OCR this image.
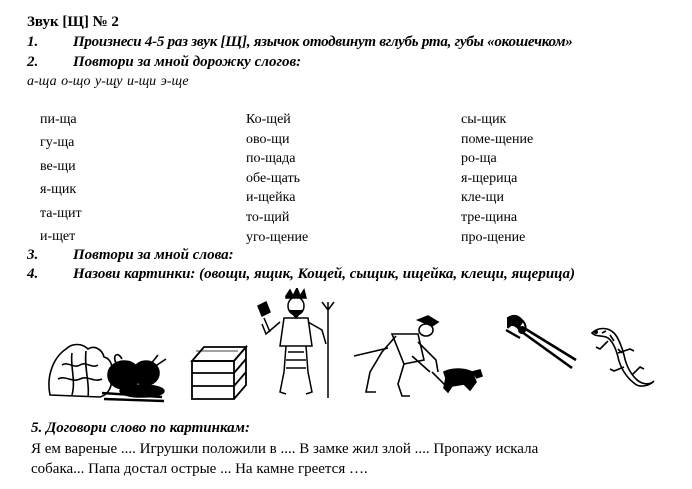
Звук [Щ] № 2
1. Произнеси 4-5 раз звук [Щ], язычок отодвинут вглубь рта, губы «окошечком»
2. Повтори за мной дорожку слогов:
а-ща о-що у-щу и-щи э-ще
пи-ща
гу-ща
ве-щи
я-щик
та-щит
и-щет
Ко-щей
ово-щи
по-щада
обе-щать
и-щейка
то-щий
уго-щение
сы-щик
поме-щение
ро-ща
я-щерица
кле-щи
тре-щина
про-щение
3. Повтори за мной слова:
4. Назови картинки: (овощи, ящик, Кощей, сыщик, ищейка, клещи, ящерица)
5. Договори слово по картинкам:
Я ем вареные .... Игрушки положили в .... В замке жил злой .... Пропажу искала
собака... Папа достал острые ... На камне греется ….
